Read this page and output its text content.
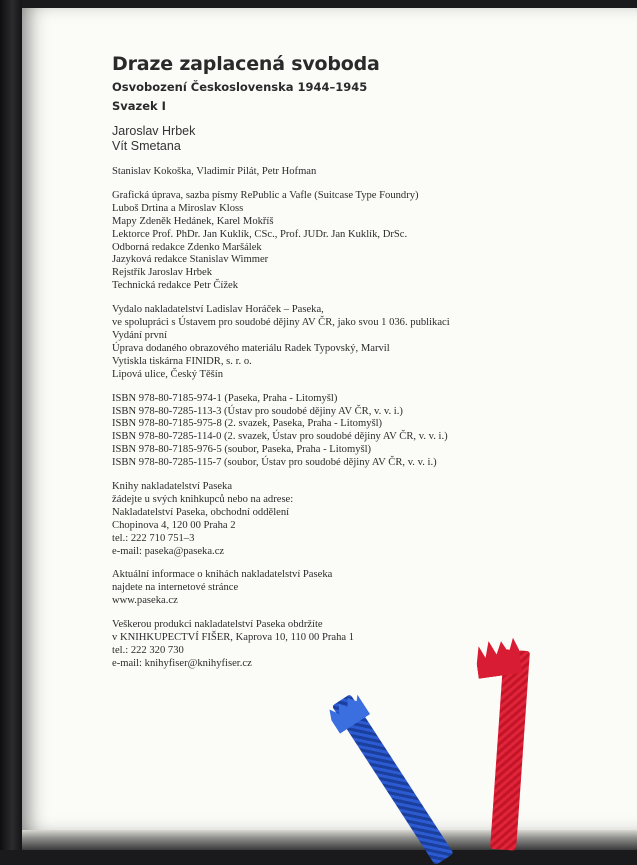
Draze zaplacená svoboda
Osvobození Československa 1944–1945
Svazek I
Jaroslav Hrbek
Vít Smetana
Stanislav Kokoška, Vladimír Pilát, Petr Hofman
Grafická úprava, sazba písmy RePublic a Vafle (Suitcase Type Foundry)
Luboš Drtina a Miroslav Kloss
Mapy Zdeněk Hedánek, Karel Mokříš
Lektorce Prof. PhDr. Jan Kuklík, CSc., Prof. JUDr. Jan Kuklík, DrSc.
Odborná redakce Zdenko Maršálek
Jazyková redakce Stanislav Wimmer
Rejstřík Jaroslav Hrbek
Technická redakce Petr Čížek
Vydalo nakladatelství Ladislav Horáček – Paseka,
ve spolupráci s Ústavem pro soudobé dějiny AV ČR, jako svou 1 036. publikaci
Vydání první
Úprava dodaného obrazového materiálu Radek Typovský, Marvil
Vytiskla tiskárna FINIDR, s. r. o.
Lipová ulice, Český Těšín
ISBN 978-80-7185-974-1 (Paseka, Praha - Litomyšl)
ISBN 978-80-7285-113-3 (Ústav pro soudobé dějiny AV ČR, v. v. i.)
ISBN 978-80-7185-975-8 (2. svazek, Paseka, Praha - Litomyšl)
ISBN 978-80-7285-114-0 (2. svazek, Ústav pro soudobé dějiny AV ČR, v. v. i.)
ISBN 978-80-7185-976-5 (soubor, Paseka, Praha - Litomyšl)
ISBN 978-80-7285-115-7 (soubor, Ústav pro soudobé dějiny AV ČR, v. v. i.)
Knihy nakladatelství Paseka
žádejte u svých knihkupců nebo na adrese:
Nakladatelství Paseka, obchodní oddělení
Chopinova 4, 120 00 Praha 2
tel.: 222 710 751–3
e-mail: paseka@paseka.cz
Aktuální informace o knihách nakladatelství Paseka
najdete na internetové stránce
www.paseka.cz
Veškerou produkci nakladatelství Paseka obdržíte
v KNIHKUPECTVÍ FIŠER, Kaprova 10, 110 00 Praha 1
tel.: 222 320 730
e-mail: knihyfiser@knihyfiser.cz
